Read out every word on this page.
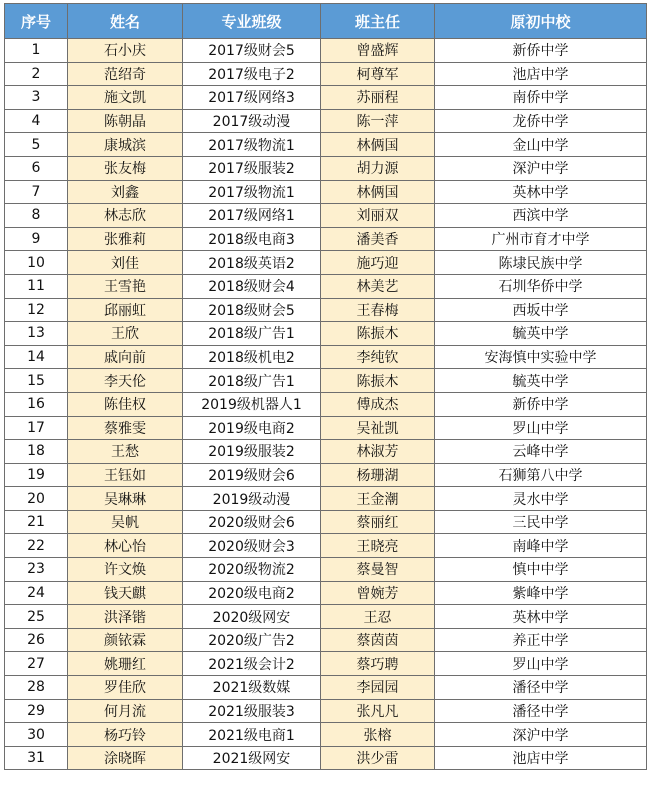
序号	姓名	专业班级	班主任	原初中校
1	石小庆	2017级财会5	曾盛辉	新侨中学
2	范绍奇	2017级电子2	柯尊军	池店中学
3	施文凯	2017级网络3	苏丽程	南侨中学
4	陈朝晶	2017级动漫	陈一萍	龙侨中学
5	康城滨	2017级物流1	林俩国	金山中学
6	张友梅	2017级服装2	胡力源	深沪中学
7	刘鑫	2017级物流1	林俩国	英林中学
8	林志欣	2017级网络1	刘丽双	西滨中学
9	张雅莉	2018级电商3	潘美香	广州市育才中学
10	刘佳	2018级英语2	施巧迎	陈埭民族中学
11	王雪艳	2018级财会4	林美艺	石圳华侨中学
12	邱丽虹	2018级财会5	王春梅	西坂中学
13	王欣	2018级广告1	陈振木	毓英中学
14	戚向前	2018级机电2	李纯钦	安海慎中实验中学
15	李天伦	2018级广告1	陈振木	毓英中学
16	陈佳权	2019级机器人1	傅成杰	新侨中学
17	蔡雅雯	2019级电商2	吴祉凯	罗山中学
18	王愁	2019级服装2	林淑芳	云峰中学
19	王钰如	2019级财会6	杨珊湖	石狮第八中学
20	吴琳琳	2019级动漫	王金潮	灵水中学
21	吴帆	2020级财会6	蔡丽红	三民中学
22	林心怡	2020级财会3	王晓亮	南峰中学
23	许文焕	2020级物流2	蔡曼智	慎中中学
24	钱天麒	2020级电商2	曾婉芳	紫峰中学
25	洪泽锴	2020级网安	王忍	英林中学
26	颜铱霖	2020级广告2	蔡茵茵	养正中学
27	姚珊红	2021级会计2	蔡巧聘	罗山中学
28	罗佳欣	2021级数媒	李园园	潘径中学
29	何月流	2021级服装3	张凡凡	潘径中学
30	杨巧铃	2021级电商1	张榕	深沪中学
31	涂晓晖	2021级网安	洪少雷	池店中学
